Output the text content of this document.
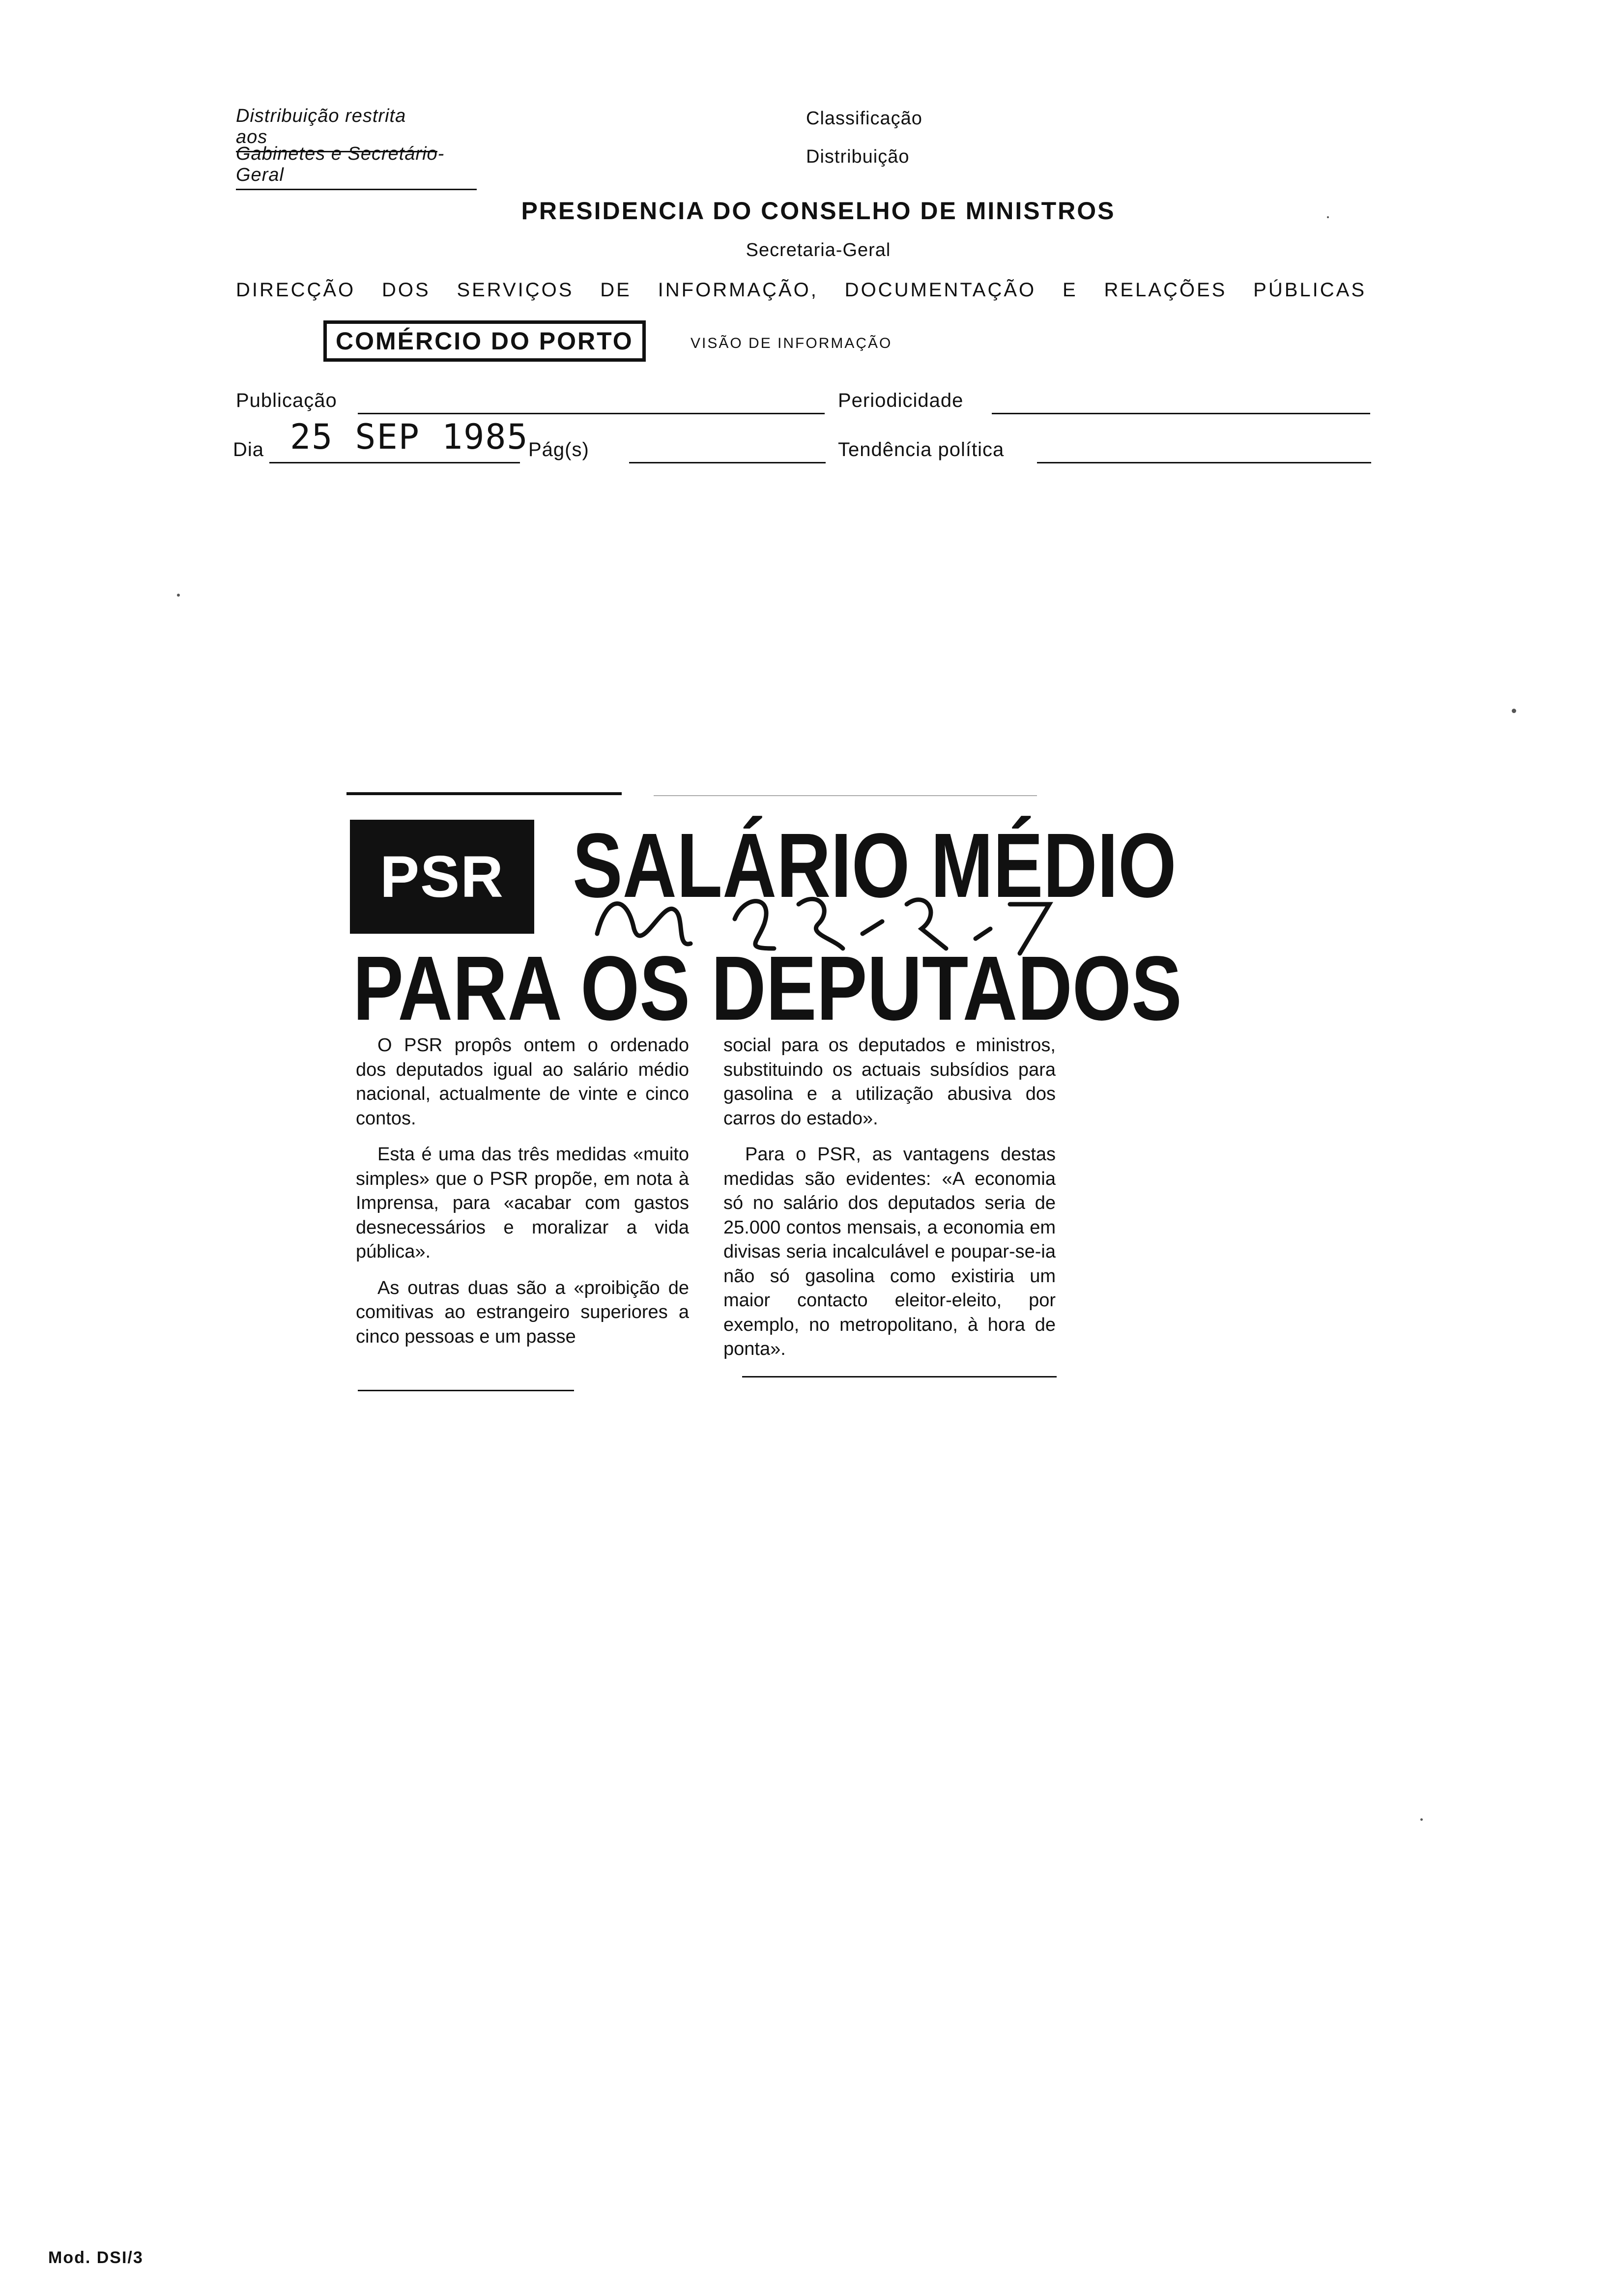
Distribuição restrita aos
Gabinetes e Secretário-Geral
Classificação
Distribuição
PRESIDENCIA DO CONSELHO DE MINISTROS
Secretaria-Geral
DIRECÇÃO DOS SERVIÇOS DE INFORMAÇÃO, DOCUMENTAÇÃO E RELAÇÕES PÚBLICAS
COMÉRCIO DO PORTO	VISÃO DE INFORMAÇÃO
Publicação	Periodicidade
Dia 25 SEP 1985 Pág(s)	Tendência política
PSR SALÁRIO MÉDIO
PARA OS DEPUTADOS

O PSR propôs ontem o ordenado dos deputados igual ao salário médio nacional, actualmente de vinte e cinco contos.

Esta é uma das três medidas «muito simples» que o PSR propõe, em nota à Imprensa, para «acabar com gastos desnecessários e moralizar a vida pública».

As outras duas são a «proibição de comitivas ao estrangeiro superiores a cinco pessoas e um passe

social para os deputados e ministros, substituindo os actuais subsídios para gasolina e a utilização abusiva dos carros do estado».

Para o PSR, as vantagens destas medidas são evidentes: «A economia só no salário dos deputados seria de 25.000 contos mensais, a economia em divisas seria incalculável e poupar-se-ia não só gasolina como existiria um maior contacto eleitor-eleito, por exemplo, no metropolitano, à hora de ponta».

Mod. DSI/3
